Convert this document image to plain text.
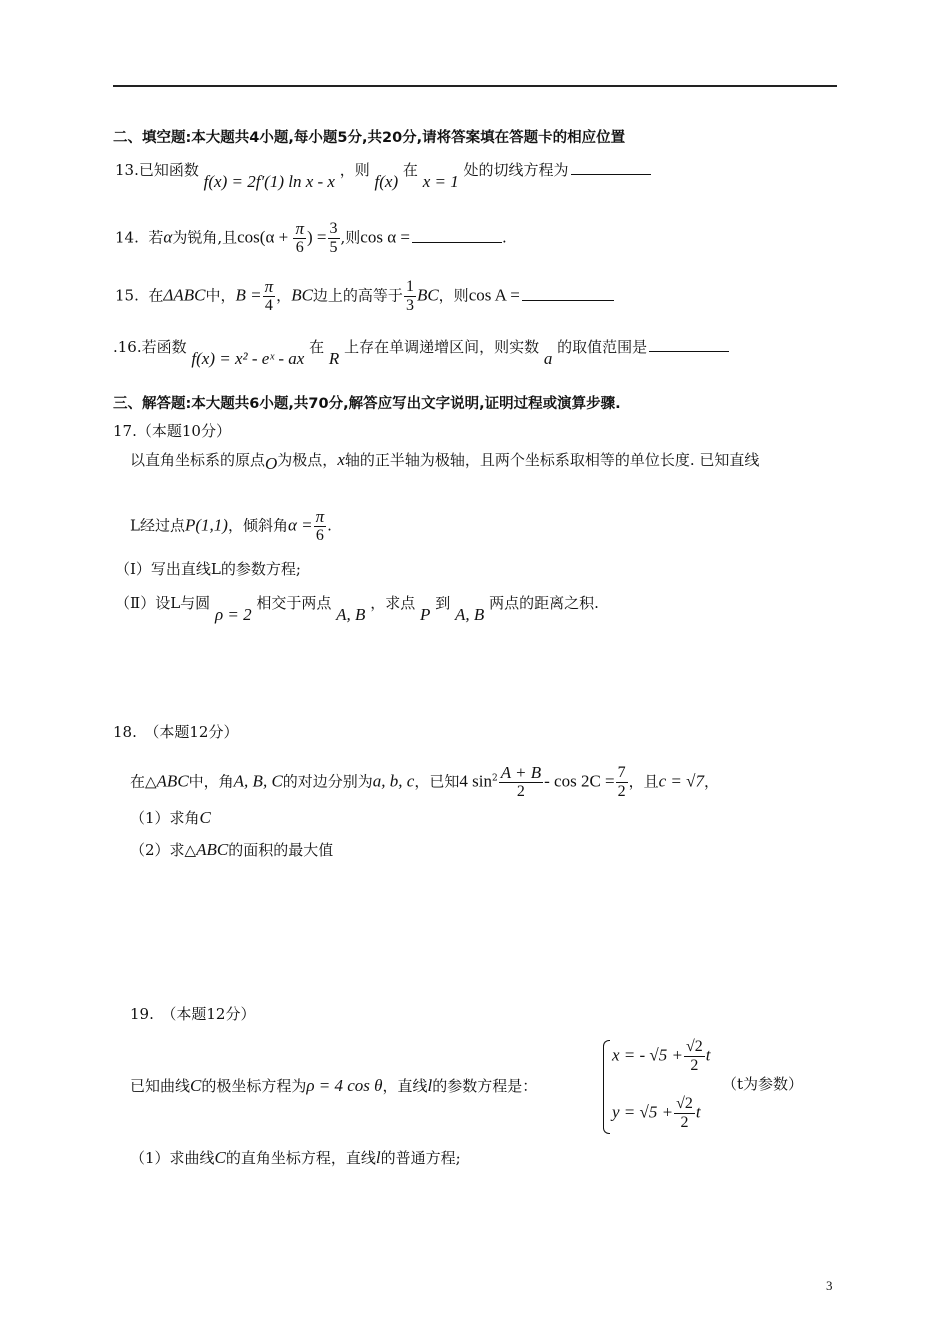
二、填空题:本大题共4小题,每小题5分,共20分,请将答案填在答题卡的相应位置
13.已知函数 f(x) = 2f′(1) ln x - x ，则 f(x) 在 x = 1 处的切线方程为
14. 若α为锐角,且$\cos(\alpha + \frac{\pi}{6}$ ) = $\frac{3}{5}$ ,则cos α =	.
15. 在ΔABC中，$B = \frac{\pi}{4}$ ，BC边上的高等于 $\frac{1}{3}$ BC，则cos A =
.16.若函数 f(x) = x² - eˣ - ax 在 R 上存在单调递增区间，则实数 a 的取值范围是
三、解答题:本大题共6小题,共70分,解答应写出文字说明,证明过程或演算步骤.
17.（本题10分）
以直角坐标系的原点O为极点，x轴的正半轴为极轴，且两个坐标系取相等的单位长度. 已知直线
L经过点P(1,1)，倾斜角$\alpha = \frac{\pi}{6}$ .
（Ⅰ）写出直线L的参数方程;
（Ⅱ）设L与圆 ρ = 2 相交于两点 A, B ，求点 P 到 A, B 两点的距离之积.
18.　（本题12分）
在△ABC中，角A, B, C的对边分别为a, b, c，已知4 $\sin^2 \frac{A + B}{2} - \cos 2C = \frac{7}{2}$ ，且c = √7，
（1）求角C
（2）求△ABC的面积的最大值
19.　（本题12分）
已知曲线C的极坐标方程为ρ = 4 cos θ，直线l的参数方程是：
x = - $√5 + \frac{√2}{2}$ t
$y = √5 + \frac{√2}{2}$ t
（t为参数）
（1）求曲线C的直角坐标方程，直线l的普通方程;
3
